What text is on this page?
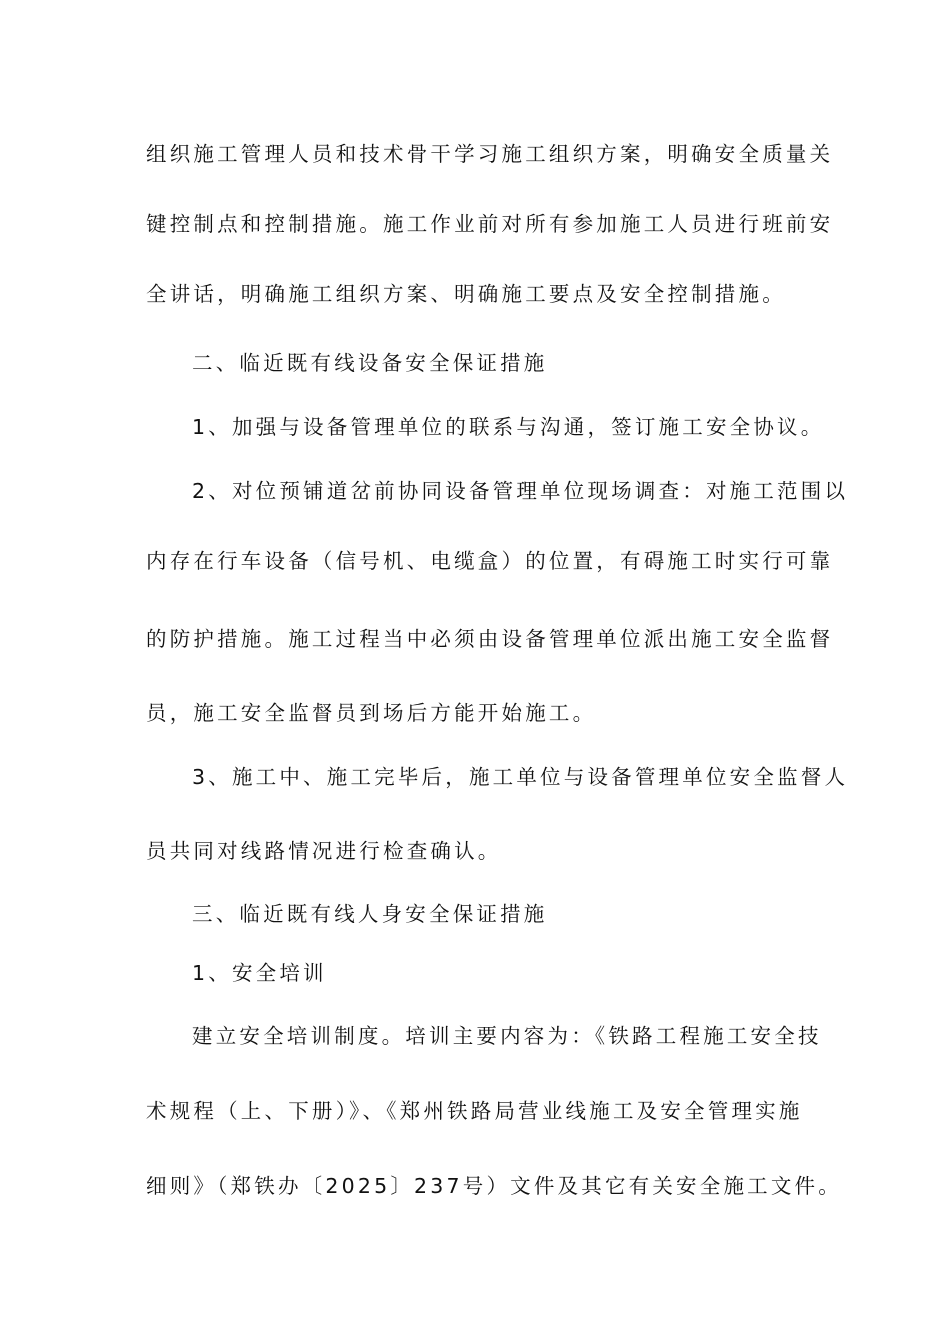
组织施工管理人员和技术骨干学习施工组织方案，明确安全质量关
键控制点和控制措施。施工作业前对所有参加施工人员进行班前安
全讲话，明确施工组织方案、明确施工要点及安全控制措施。
二、临近既有线设备安全保证措施
1、加强与设备管理单位的联系与沟通，签订施工安全协议。
2、对位预铺道岔前协同设备管理单位现场调查：对施工范围以
内存在行车设备（信号机、电缆盒）的位置，有碍施工时实行可靠
的防护措施。施工过程当中必须由设备管理单位派出施工安全监督
员，施工安全监督员到场后方能开始施工。
3、施工中、施工完毕后，施工单位与设备管理单位安全监督人
员共同对线路情况进行检查确认。
三、临近既有线人身安全保证措施
1、安全培训
建立安全培训制度。培训主要内容为：《铁路工程施工安全技
术规程（上、下册）》、《郑州铁路局营业线施工及安全管理实施
细则》（郑铁办〔2025〕237号）文件及其它有关安全施工文件。
